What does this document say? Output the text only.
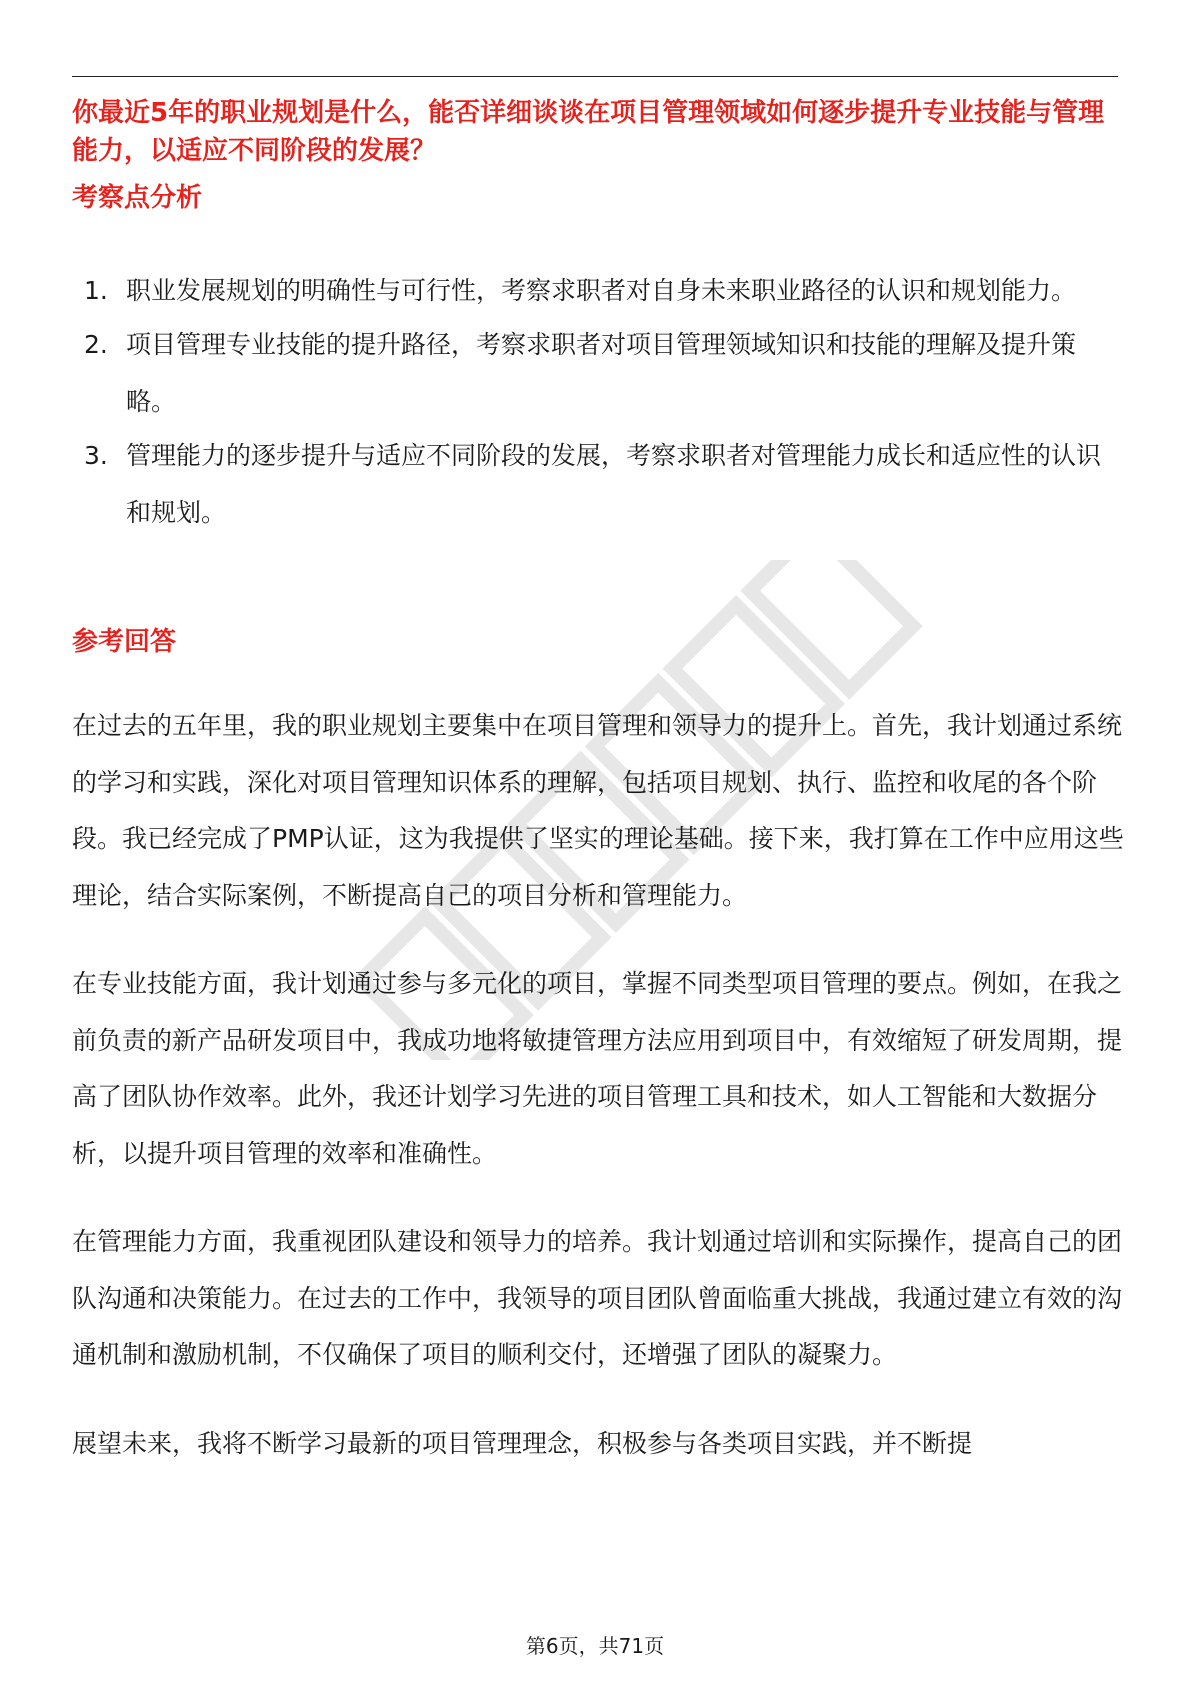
你最近5年的职业规划是什么，能否详细谈谈在项目管理领域如何逐步提升专业技能与管理能力，以适应不同阶段的发展？
考察点分析
1. 职业发展规划的明确性与可行性，考察求职者对自身未来职业路径的认识和规划能力。
2. 项目管理专业技能的提升路径，考察求职者对项目管理领域知识和技能的理解及提升策略。
3. 管理能力的逐步提升与适应不同阶段的发展，考察求职者对管理能力成长和适应性的认识和规划。
参考回答

在过去的五年里，我的职业规划主要集中在项目管理和领导力的提升上。首先，我计划通过系统的学习和实践，深化对项目管理知识体系的理解，包括项目规划、执行、监控和收尾的各个阶段。我已经完成了PMP认证，这为我提供了坚实的理论基础。接下来，我打算在工作中应用这些理论，结合实际案例，不断提高自己的项目分析和管理能力。

在专业技能方面，我计划通过参与多元化的项目，掌握不同类型项目管理的要点。例如，在我之前负责的新产品研发项目中，我成功地将敏捷管理方法应用到项目中，有效缩短了研发周期，提高了团队协作效率。此外，我还计划学习先进的项目管理工具和技术，如人工智能和大数据分析，以提升项目管理的效率和准确性。

在管理能力方面，我重视团队建设和领导力的培养。我计划通过培训和实际操作，提高自己的团队沟通和决策能力。在过去的工作中，我领导的项目团队曾面临重大挑战，我通过建立有效的沟通机制和激励机制，不仅确保了项目的顺利交付，还增强了团队的凝聚力。

展望未来，我将不断学习最新的项目管理理念，积极参与各类项目实践，并不断提

第6页，共71页
